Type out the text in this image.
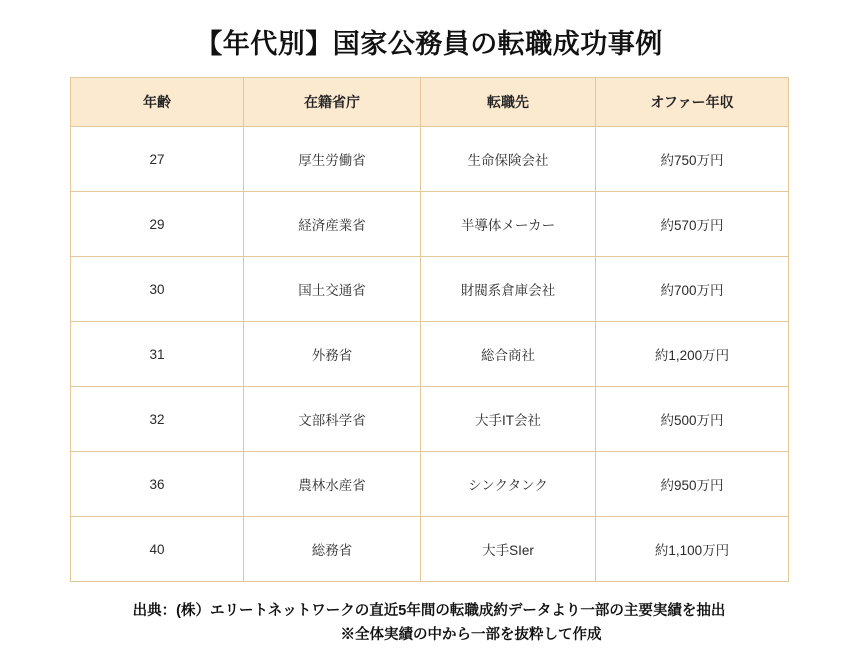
【年代別】国家公務員の転職成功事例
年齢	在籍省庁	転職先	オファー年収
27	厚生労働省	生命保険会社	約750万円
29	経済産業省	半導体メーカー	約570万円
30	国土交通省	財閥系倉庫会社	約700万円
31	外務省	総合商社	約1,200万円
32	文部科学省	大手IT会社	約500万円
36	農林水産省	シンクタンク	約950万円
40	総務省	大手SIer	約1,100万円
出典：(株）エリートネットワークの直近5年間の転職成約データより一部の主要実績を抽出
※全体実績の中から一部を抜粋して作成
